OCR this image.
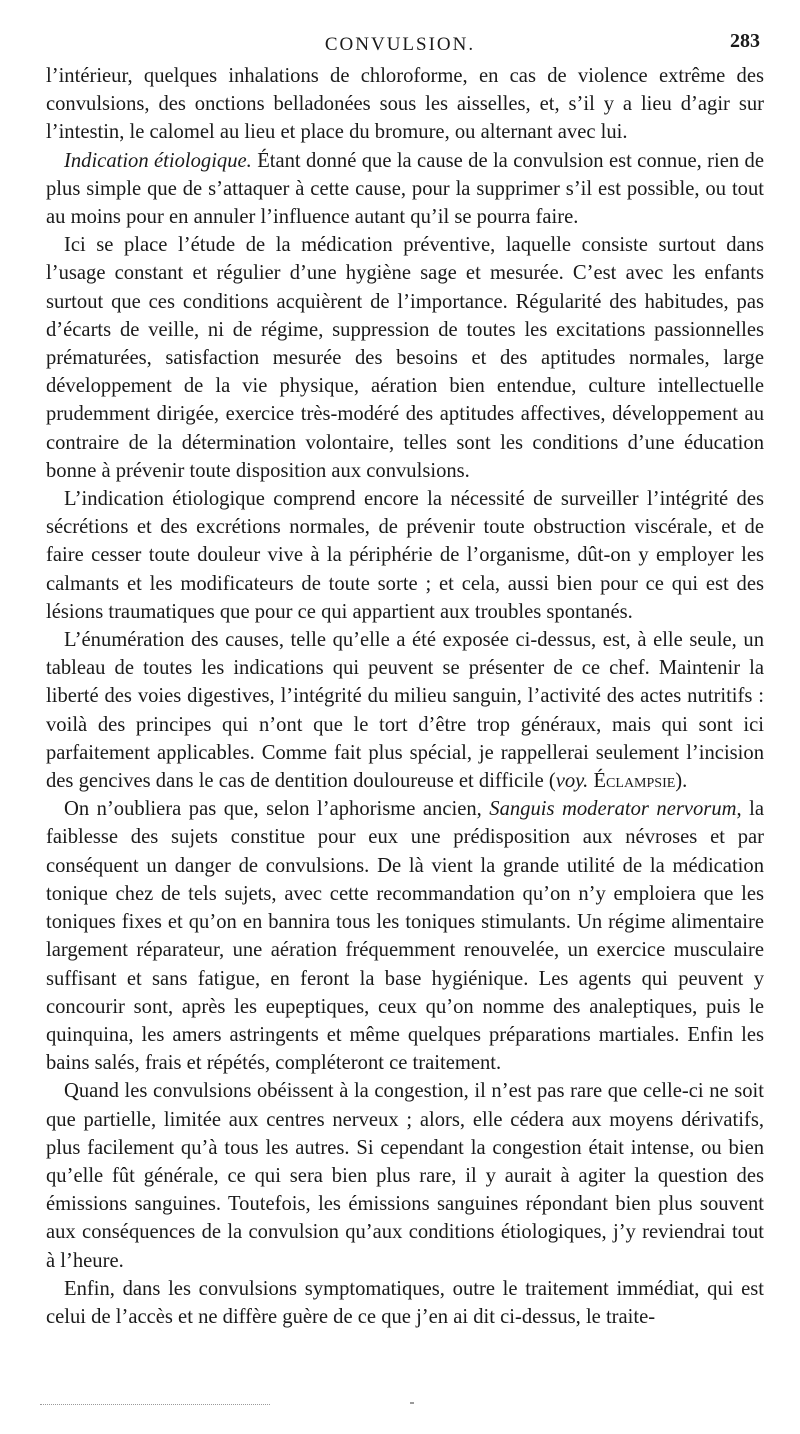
CONVULSION.	283

l’intérieur, quelques inhalations de chloroforme, en cas de violence extrême des convulsions, des onctions belladonées sous les aisselles, et, s’il y a lieu d’agir sur l’intestin, le calomel au lieu et place du bromure, ou alternant avec lui.

Indication étiologique. Étant donné que la cause de la convulsion est connue, rien de plus simple que de s’attaquer à cette cause, pour la supprimer s’il est possible, ou tout au moins pour en annuler l’influence autant qu’il se pourra faire.

Ici se place l’étude de la médication préventive, laquelle consiste surtout dans l’usage constant et régulier d’une hygiène sage et mesurée. C’est avec les enfants surtout que ces conditions acquièrent de l’importance. Régularité des habitudes, pas d’écarts de veille, ni de régime, suppression de toutes les excitations passionnelles prématurées, satisfaction mesurée des besoins et des aptitudes normales, large développement de la vie physique, aération bien entendue, culture intellectuelle prudemment dirigée, exercice très-modéré des aptitudes affectives, développement au contraire de la détermination volontaire, telles sont les conditions d’une éducation bonne à prévenir toute disposition aux convulsions.

L’indication étiologique comprend encore la nécessité de surveiller l’intégrité des sécrétions et des excrétions normales, de prévenir toute obstruction viscérale, et de faire cesser toute douleur vive à la périphérie de l’organisme, dût-on y employer les calmants et les modificateurs de toute sorte ; et cela, aussi bien pour ce qui est des lésions traumatiques que pour ce qui appartient aux troubles spontanés.

L’énumération des causes, telle qu’elle a été exposée ci-dessus, est, à elle seule, un tableau de toutes les indications qui peuvent se présenter de ce chef. Maintenir la liberté des voies digestives, l’intégrité du milieu sanguin, l’activité des actes nutritifs : voilà des principes qui n’ont que le tort d’être trop généraux, mais qui sont ici parfaitement applicables. Comme fait plus spécial, je rappellerai seulement l’incision des gencives dans le cas de dentition douloureuse et difficile (voy. Éclampsie).

On n’oubliera pas que, selon l’aphorisme ancien, Sanguis moderator nervorum, la faiblesse des sujets constitue pour eux une prédisposition aux névroses et par conséquent un danger de convulsions. De là vient la grande utilité de la médication tonique chez de tels sujets, avec cette recommandation qu’on n’y emploiera que les toniques fixes et qu’on en bannira tous les toniques stimulants. Un régime alimentaire largement réparateur, une aération fréquemment renouvelée, un exercice musculaire suffisant et sans fatigue, en feront la base hygiénique. Les agents qui peuvent y concourir sont, après les eupeptiques, ceux qu’on nomme des analeptiques, puis le quinquina, les amers astringents et même quelques préparations martiales. Enfin les bains salés, frais et répétés, compléteront ce traitement.

Quand les convulsions obéissent à la congestion, il n’est pas rare que celle-ci ne soit que partielle, limitée aux centres nerveux ; alors, elle cédera aux moyens dérivatifs, plus facilement qu’à tous les autres. Si cependant la congestion était intense, ou bien qu’elle fût générale, ce qui sera bien plus rare, il y aurait à agiter la question des émissions sanguines. Toutefois, les émissions sanguines répondant bien plus souvent aux conséquences de la convulsion qu’aux conditions étiologiques, j’y reviendrai tout à l’heure.

Enfin, dans les convulsions symptomatiques, outre le traitement immédiat, qui est celui de l’accès et ne diffère guère de ce que j’en ai dit ci-dessus, le traite-
